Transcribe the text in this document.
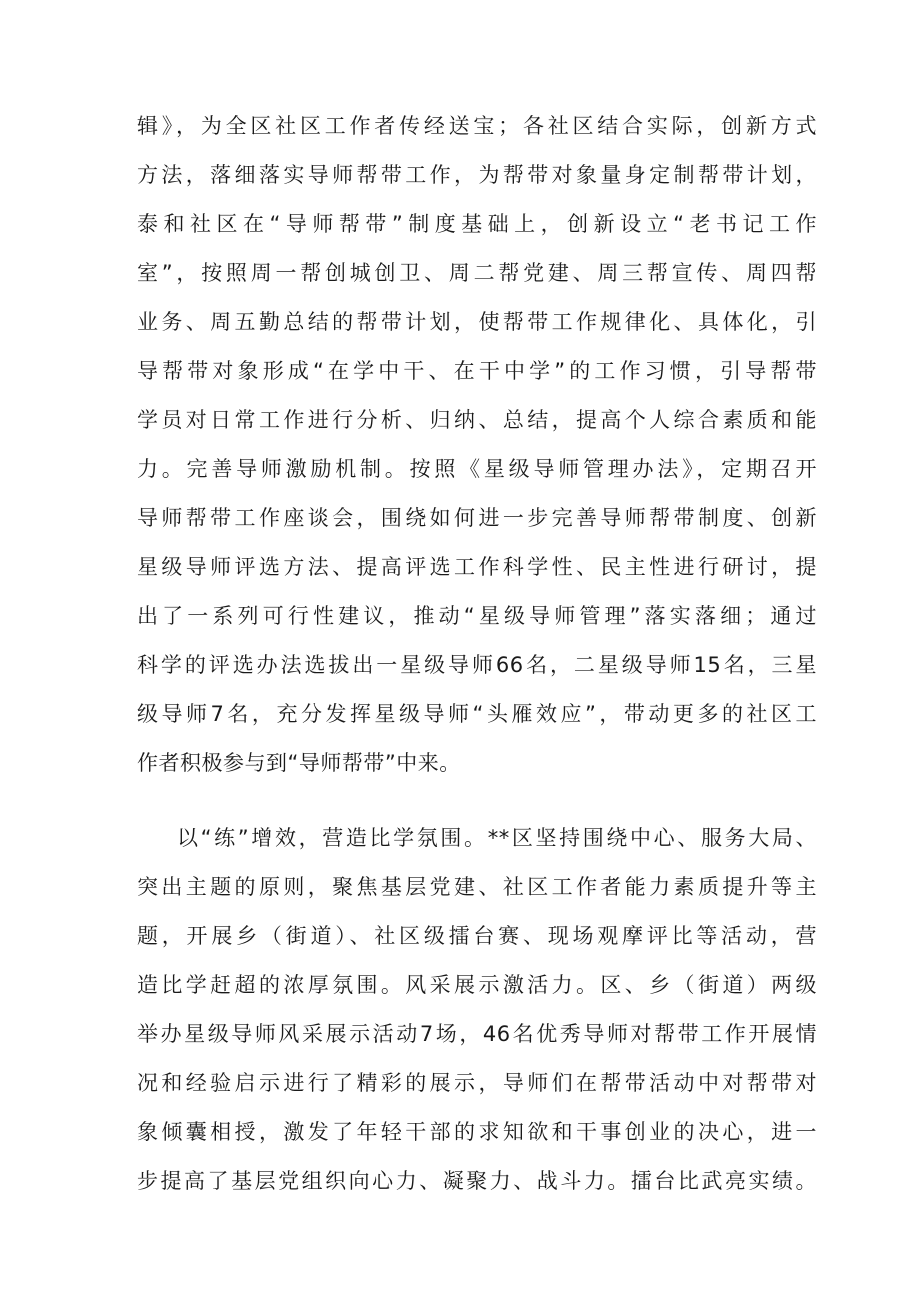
辑》，为全区社区工作者传经送宝；各社区结合实际，创新方式
方法，落细落实导师帮带工作，为帮带对象量身定制帮带计划，
泰和社区在“导师帮带”制度基础上，创新设立“老书记工作
室”，按照周一帮创城创卫、周二帮党建、周三帮宣传、周四帮
业务、周五勤总结的帮带计划，使帮带工作规律化、具体化，引
导帮带对象形成“在学中干、在干中学”的工作习惯，引导帮带
学员对日常工作进行分析、归纳、总结，提高个人综合素质和能
力。完善导师激励机制。按照《星级导师管理办法》，定期召开
导师帮带工作座谈会，围绕如何进一步完善导师帮带制度、创新
星级导师评选方法、提高评选工作科学性、民主性进行研讨，提
出了一系列可行性建议，推动“星级导师管理”落实落细；通过
科学的评选办法选拔出一星级导师66名，二星级导师15名，三星
级导师7名，充分发挥星级导师“头雁效应”，带动更多的社区工
作者积极参与到“导师帮带”中来。
以“练”增效，营造比学氛围。**区坚持围绕中心、服务大局、
突出主题的原则，聚焦基层党建、社区工作者能力素质提升等主
题，开展乡（街道）、社区级擂台赛、现场观摩评比等活动，营
造比学赶超的浓厚氛围。风采展示激活力。区、乡（街道）两级
举办星级导师风采展示活动7场，46名优秀导师对帮带工作开展情
况和经验启示进行了精彩的展示，导师们在帮带活动中对帮带对
象倾囊相授，激发了年轻干部的求知欲和干事创业的决心，进一
步提高了基层党组织向心力、凝聚力、战斗力。擂台比武亮实绩。
